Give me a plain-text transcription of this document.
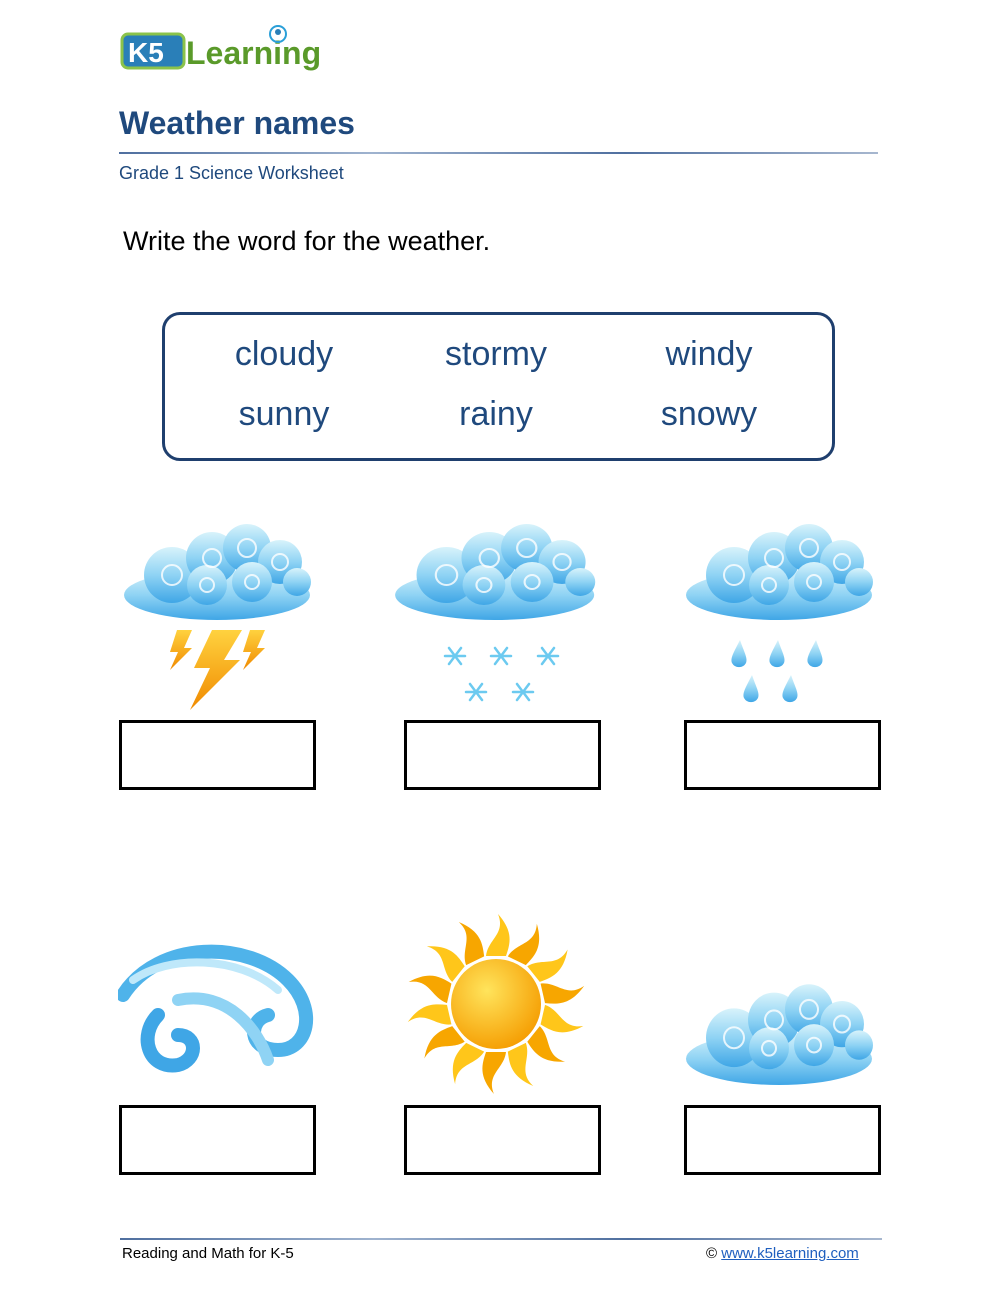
K5 Learning
Weather names
Grade 1 Science Worksheet
Write the word for the weather.
cloudy	stormy	windy
sunny	rainy	snowy
Reading and Math for K-5	© www.k5learning.com
